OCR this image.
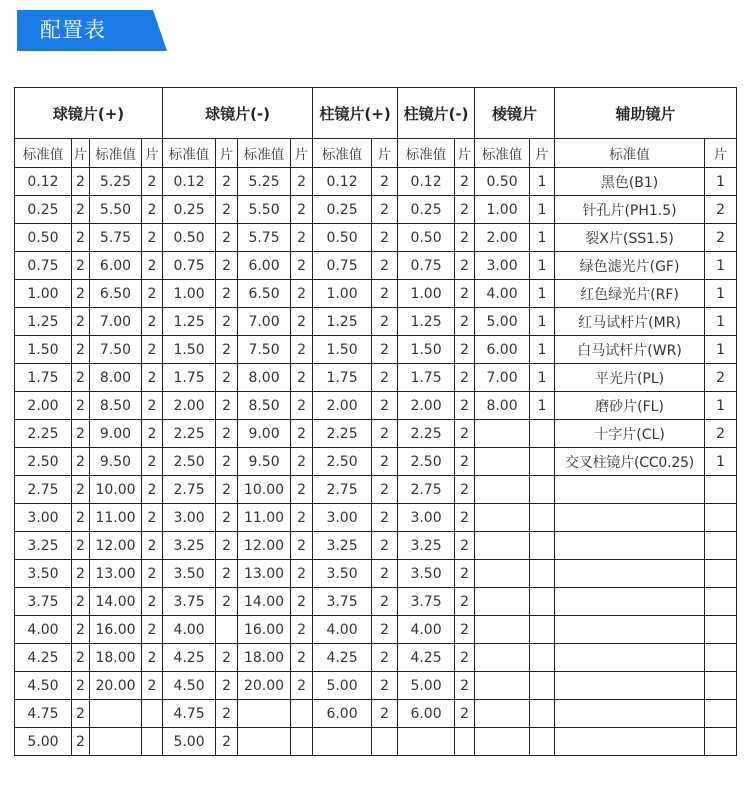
配置表
球镜片(+)				球镜片(-)				柱镜片(+)		柱镜片(-)		棱镜片		辅助镜片	
标准值	片	标准值	片	标准值	片	标准值	片	标准值	片	标准值	片	标准值	片	标准值	片
0.12	2	5.25	2	0.12	2	5.25	2	0.12	2	0.12	2	0.50	1	黑色(B1)	1
0.25	2	5.50	2	0.25	2	5.50	2	0.25	2	0.25	2	1.00	1	针孔片(PH1.5)	2
0.50	2	5.75	2	0.50	2	5.75	2	0.50	2	0.50	2	2.00	1	裂X片(SS1.5)	2
0.75	2	6.00	2	0.75	2	6.00	2	0.75	2	0.75	2	3.00	1	绿色滤光片(GF)	1
1.00	2	6.50	2	1.00	2	6.50	2	1.00	2	1.00	2	4.00	1	红色绿光片(RF)	1
1.25	2	7.00	2	1.25	2	7.00	2	1.25	2	1.25	2	5.00	1	红马试杆片(MR)	1
1.50	2	7.50	2	1.50	2	7.50	2	1.50	2	1.50	2	6.00	1	白马试杆片(WR)	1
1.75	2	8.00	2	1.75	2	8.00	2	1.75	2	1.75	2	7.00	1	平光片(PL)	2
2.00	2	8.50	2	2.00	2	8.50	2	2.00	2	2.00	2	8.00	1	磨砂片(FL)	1
2.25	2	9.00	2	2.25	2	9.00	2	2.25	2	2.25	2			十字片(CL)	2
2.50	2	9.50	2	2.50	2	9.50	2	2.50	2	2.50	2			交叉柱镜片(CC0.25)	1
2.75	2	10.00	2	2.75	2	10.00	2	2.75	2	2.75	2				
3.00	2	11.00	2	3.00	2	11.00	2	3.00	2	3.00	2				
3.25	2	12.00	2	3.25	2	12.00	2	3.25	2	3.25	2				
3.50	2	13.00	2	3.50	2	13.00	2	3.50	2	3.50	2				
3.75	2	14.00	2	3.75	2	14.00	2	3.75	2	3.75	2				
4.00	2	16.00	2	4.00		16.00	2	4.00	2	4.00	2				
4.25	2	18.00	2	4.25	2	18.00	2	4.25	2	4.25	2				
4.50	2	20.00	2	4.50	2	20.00	2	5.00	2	5.00	2				
4.75	2			4.75	2			6.00	2	6.00	2				
5.00	2			5.00	2										
